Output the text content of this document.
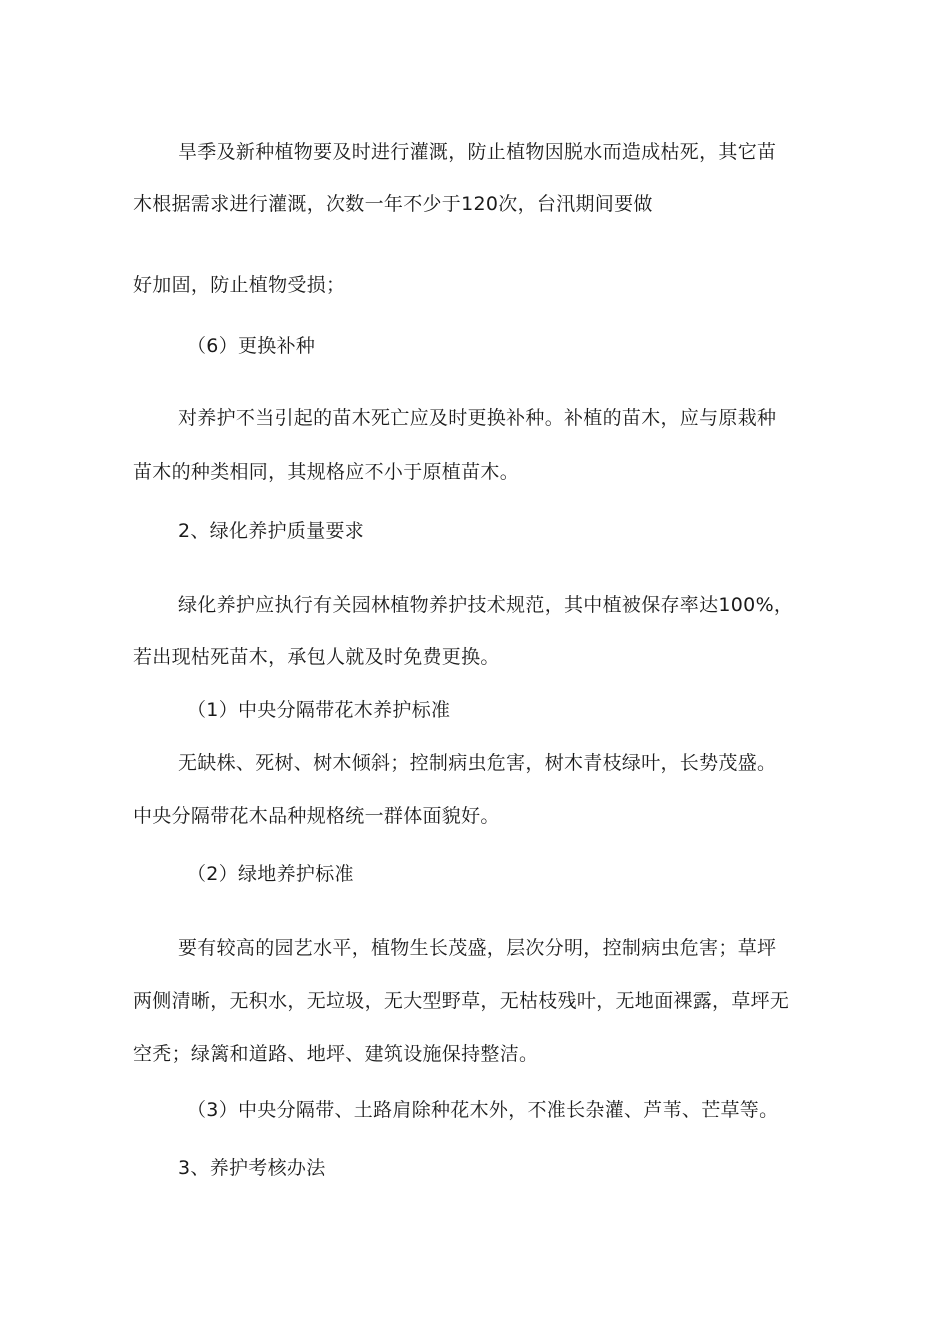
旱季及新种植物要及时进行灌溉，防止植物因脱水而造成枯死，其它苗
木根据需求进行灌溉，次数一年不少于120次，台汛期间要做
好加固，防止植物受损；
（6）更换补种
对养护不当引起的苗木死亡应及时更换补种。补植的苗木，应与原栽种
苗木的种类相同，其规格应不小于原植苗木。
2、绿化养护质量要求
绿化养护应执行有关园林植物养护技术规范，其中植被保存率达100%，
若出现枯死苗木，承包人就及时免费更换。
（1）中央分隔带花木养护标准
无缺株、死树、树木倾斜；控制病虫危害，树木青枝绿叶，长势茂盛。
中央分隔带花木品种规格统一群体面貌好。
（2）绿地养护标准
要有较高的园艺水平，植物生长茂盛，层次分明，控制病虫危害；草坪
两侧清晰，无积水，无垃圾，无大型野草，无枯枝残叶，无地面裸露，草坪无
空秃；绿篱和道路、地坪、建筑设施保持整洁。
（3）中央分隔带、土路肩除种花木外，不准长杂灌、芦苇、芒草等。
3、养护考核办法
